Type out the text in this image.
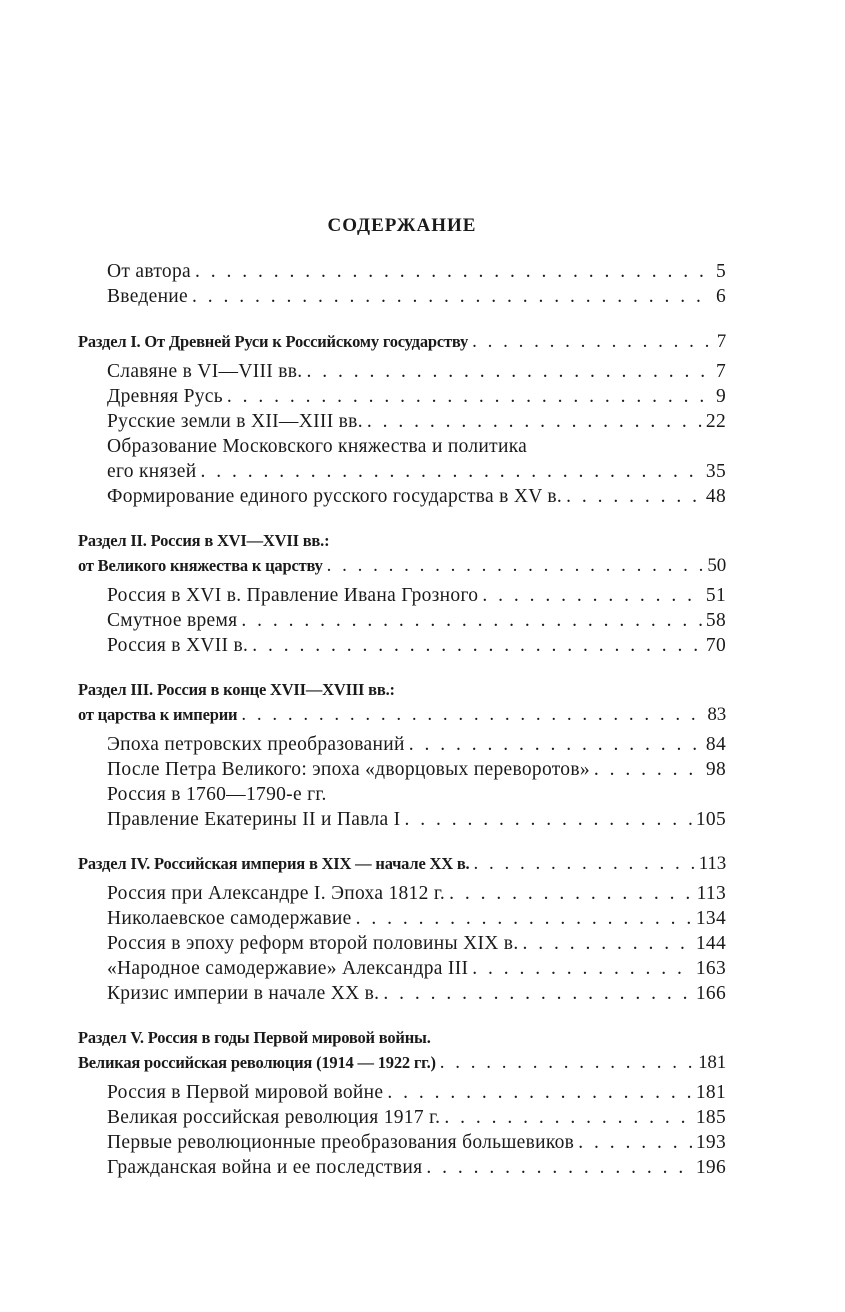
СОДЕРЖАНИЕ
От автора . . .	5
Введение . . .	6
Раздел I. От Древней Руси к Российскому государству . . .	7
Славяне в VI—VIII вв. . . .	7
Древняя Русь . . .	9
Русские земли в XII—XIII вв. . . .	22
Образование Московского княжества и политика
его князей . . .	35
Формирование единого русского государства в XV в. . . .	48
Раздел II. Россия в XVI—XVII вв.:
от Великого княжества к царству . . .	50
Россия в XVI в. Правление Ивана Грозного . . .	51
Смутное время . . .	58
Россия в XVII в. . . .	70
Раздел III. Россия в конце XVII—XVIII вв.:
от царства к империи . . .	83
Эпоха петровских преобразований . . .	84
После Петра Великого: эпоха «дворцовых переворотов» . . .	98
Россия в 1760—1790-е гг.
Правление Екатерины II и Павла I . . .	105
Раздел IV. Российская империя в XIX — начале XX в. . . .	113
Россия при Александре I. Эпоха 1812 г. . . .	113
Николаевское самодержавие . . .	134
Россия в эпоху реформ второй половины XIX в. . . .	144
«Народное самодержавие» Александра III . . .	163
Кризис империи в начале XX в. . . .	166
Раздел V. Россия в годы Первой мировой войны.
Великая российская революция (1914 — 1922 гг.) . . .	181
Россия в Первой мировой войне . . .	181
Великая российская революция 1917 г. . . .	185
Первые революционные преобразования большевиков . . .	193
Гражданская война и ее последствия . . .	196
